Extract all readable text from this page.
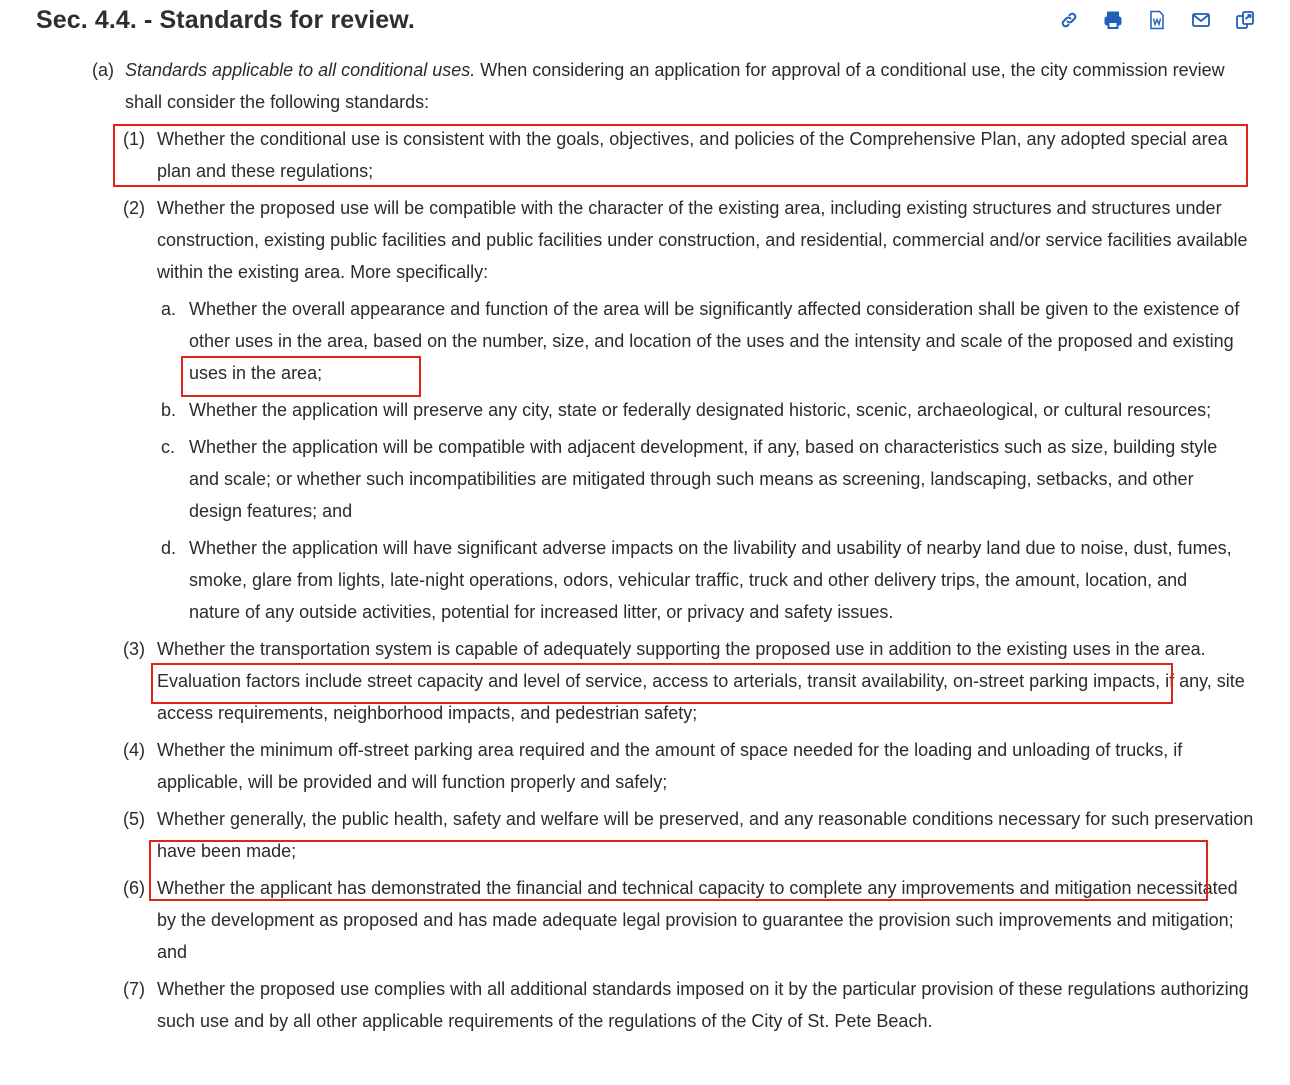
Sec. 4.4. - Standards for review.
(a) Standards applicable to all conditional uses. When considering an application for approval of a conditional use, the city commission review shall consider the following standards:

(1) Whether the conditional use is consistent with the goals, objectives, and policies of the Comprehensive Plan, any adopted special area plan and these regulations;

(2) Whether the proposed use will be compatible with the character of the existing area, including existing structures and structures under construction, existing public facilities and public facilities under construction, and residential, commercial and/or service facilities available within the existing area. More specifically:

a. Whether the overall appearance and function of the area will be significantly affected consideration shall be given to the existence of other uses in the area, based on the number, size, and location of the uses and the intensity and scale of the proposed and existing uses in the area;

b. Whether the application will preserve any city, state or federally designated historic, scenic, archaeological, or cultural resources;

c. Whether the application will be compatible with adjacent development, if any, based on characteristics such as size, building style and scale; or whether such incompatibilities are mitigated through such means as screening, landscaping, setbacks, and other design features; and

d. Whether the application will have significant adverse impacts on the livability and usability of nearby land due to noise, dust, fumes, smoke, glare from lights, late-night operations, odors, vehicular traffic, truck and other delivery trips, the amount, location, and nature of any outside activities, potential for increased litter, or privacy and safety issues.

(3) Whether the transportation system is capable of adequately supporting the proposed use in addition to the existing uses in the area. Evaluation factors include street capacity and level of service, access to arterials, transit availability, on-street parking impacts, if any, site access requirements, neighborhood impacts, and pedestrian safety;

(4) Whether the minimum off-street parking area required and the amount of space needed for the loading and unloading of trucks, if applicable, will be provided and will function properly and safely;

(5) Whether generally, the public health, safety and welfare will be preserved, and any reasonable conditions necessary for such preservation have been made;

(6) Whether the applicant has demonstrated the financial and technical capacity to complete any improvements and mitigation necessitated by the development as proposed and has made adequate legal provision to guarantee the provision such improvements and mitigation; and

(7) Whether the proposed use complies with all additional standards imposed on it by the particular provision of these regulations authorizing such use and by all other applicable requirements of the regulations of the City of St. Pete Beach.
